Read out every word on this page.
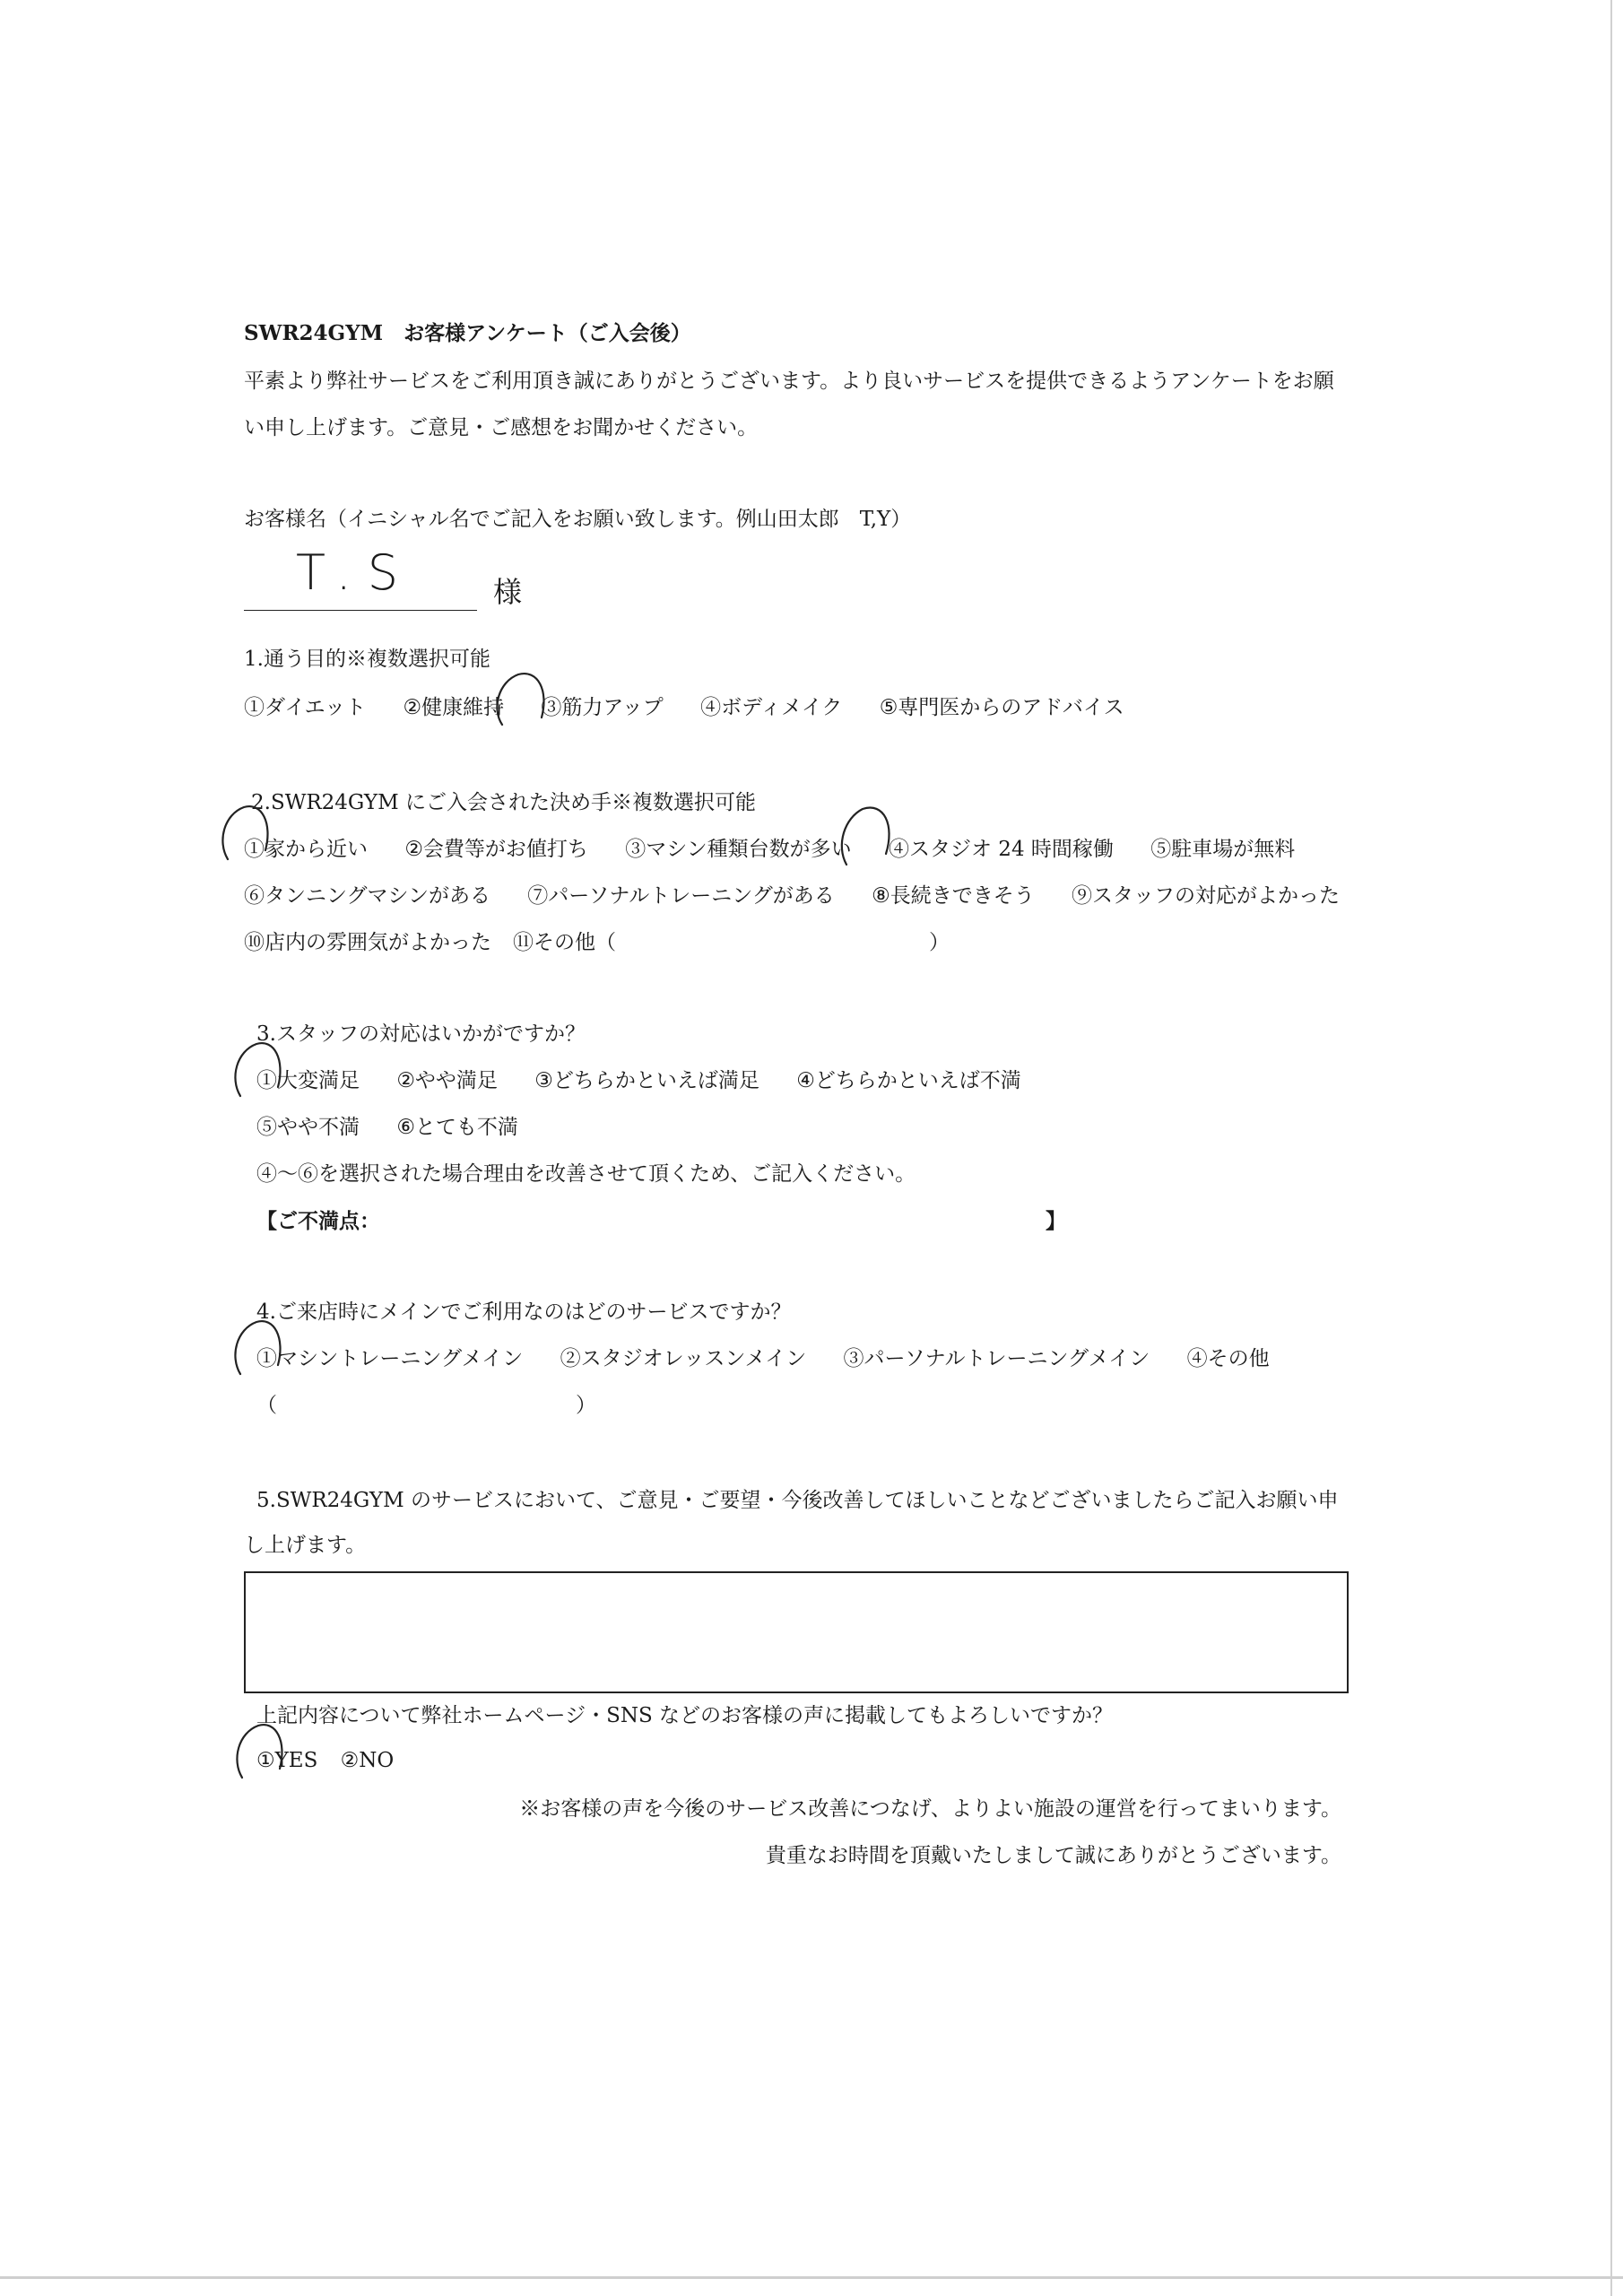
SWR24GYM　お客様アンケート（ご入会後）
平素より弊社サービスをご利用頂き誠にありがとうございます。より良いサービスを提供できるようアンケートをお願
い申し上げます。ご意見・ご感想をお聞かせください。
お客様名（イニシャル名でご記入をお願い致します。例山田太郎　T,Y）
T.S	様
1.通う目的※複数選択可能
①ダイエット ②健康維持 ③筋力アップ ④ボディメイク ⑤専門医からのアドバイス
2.SWR24GYM にご入会された決め手※複数選択可能
①家から近い ②会費等がお値打ち ③マシン種類台数が多い ④スタジオ 24 時間稼働 ⑤駐車場が無料
⑥タンニングマシンがある ⑦パーソナルトレーニングがある ⑧長続きできそう ⑨スタッフの対応がよかった
⑩店内の雰囲気がよかった ⑪その他（	）
3.スタッフの対応はいかがですか？
①大変満足 ②やや満足 ③どちらかといえば満足 ④どちらかといえば不満
⑤やや不満 ⑥とても不満
④～⑥を選択された場合理由を改善させて頂くため、ご記入ください。
【ご不満点：	】
4.ご来店時にメインでご利用なのはどのサービスですか？
①マシントレーニングメイン ②スタジオレッスンメイン ③パーソナルトレーニングメイン ④その他
（	）
5.SWR24GYM のサービスにおいて、ご意見・ご要望・今後改善してほしいことなどございましたらご記入お願い申
し上げます。
上記内容について弊社ホームページ・SNS などのお客様の声に掲載してもよろしいですか？
①YES ②NO
※お客様の声を今後のサービス改善につなげ、よりよい施設の運営を行ってまいります。
貴重なお時間を頂戴いたしまして誠にありがとうございます。
